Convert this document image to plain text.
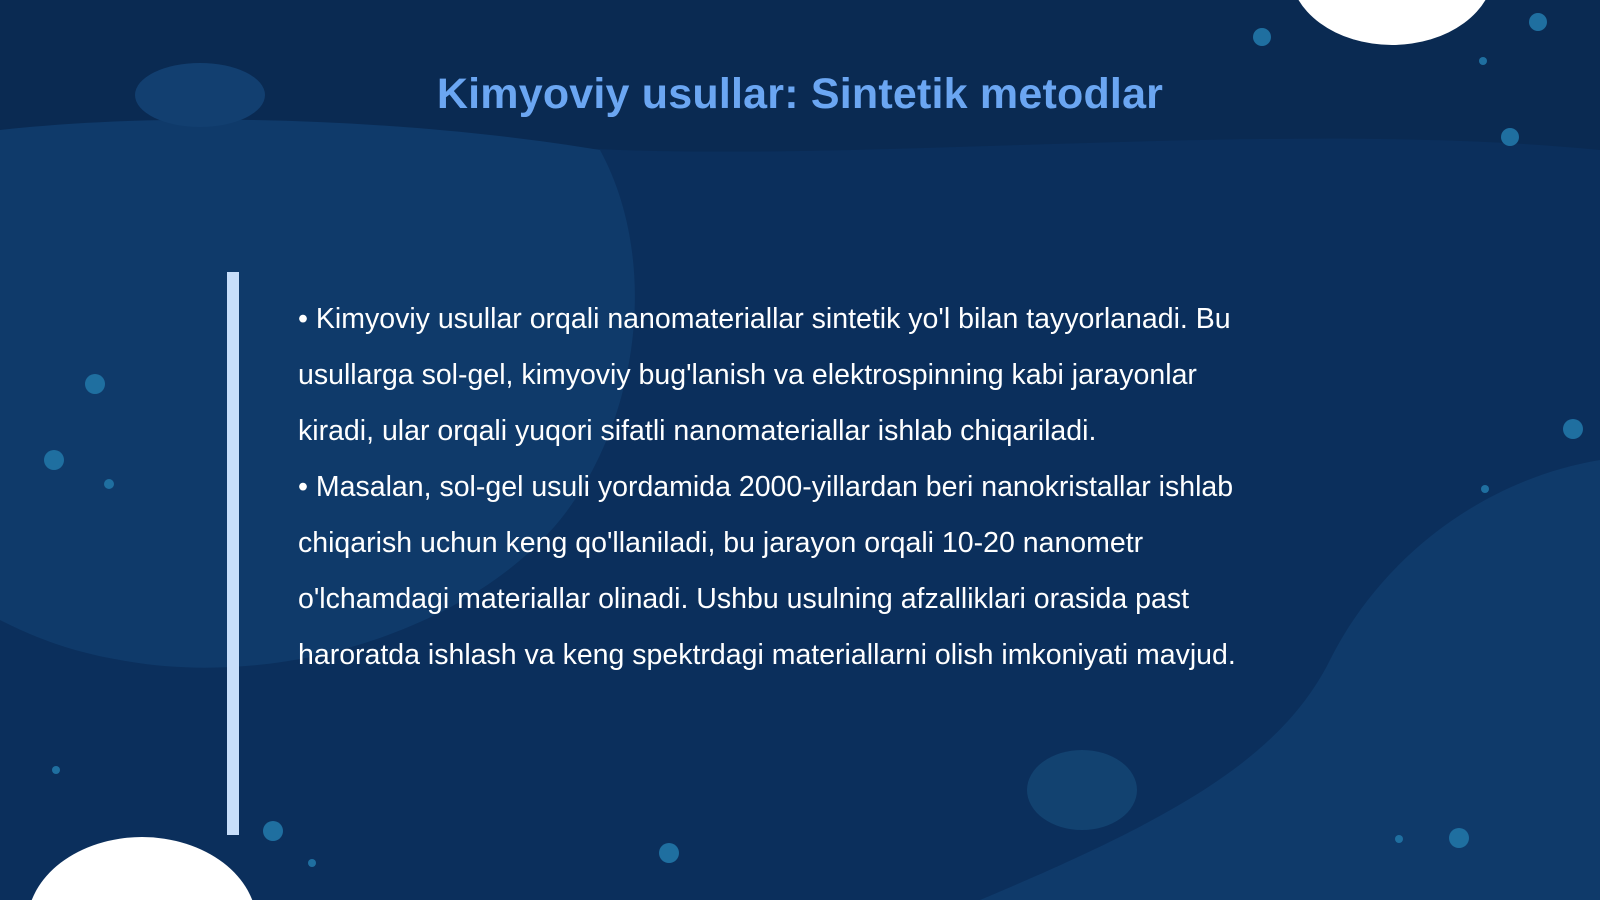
Kimyoviy usullar: Sintetik metodlar

• Kimyoviy usullar orqali nanomateriallar sintetik yo'l bilan tayyorlanadi. Bu usullarga sol-gel, kimyoviy bug'lanish va elektrospinning kabi jarayonlar kiradi, ular orqali yuqori sifatli nanomateriallar ishlab chiqariladi.

• Masalan, sol-gel usuli yordamida 2000-yillardan beri nanokristallar ishlab chiqarish uchun keng qo'llaniladi, bu jarayon orqali 10-20 nanometr o'lchamdagi materiallar olinadi. Ushbu usulning afzalliklari orasida past haroratda ishlash va keng spektrdagi materiallarni olish imkoniyati mavjud.
